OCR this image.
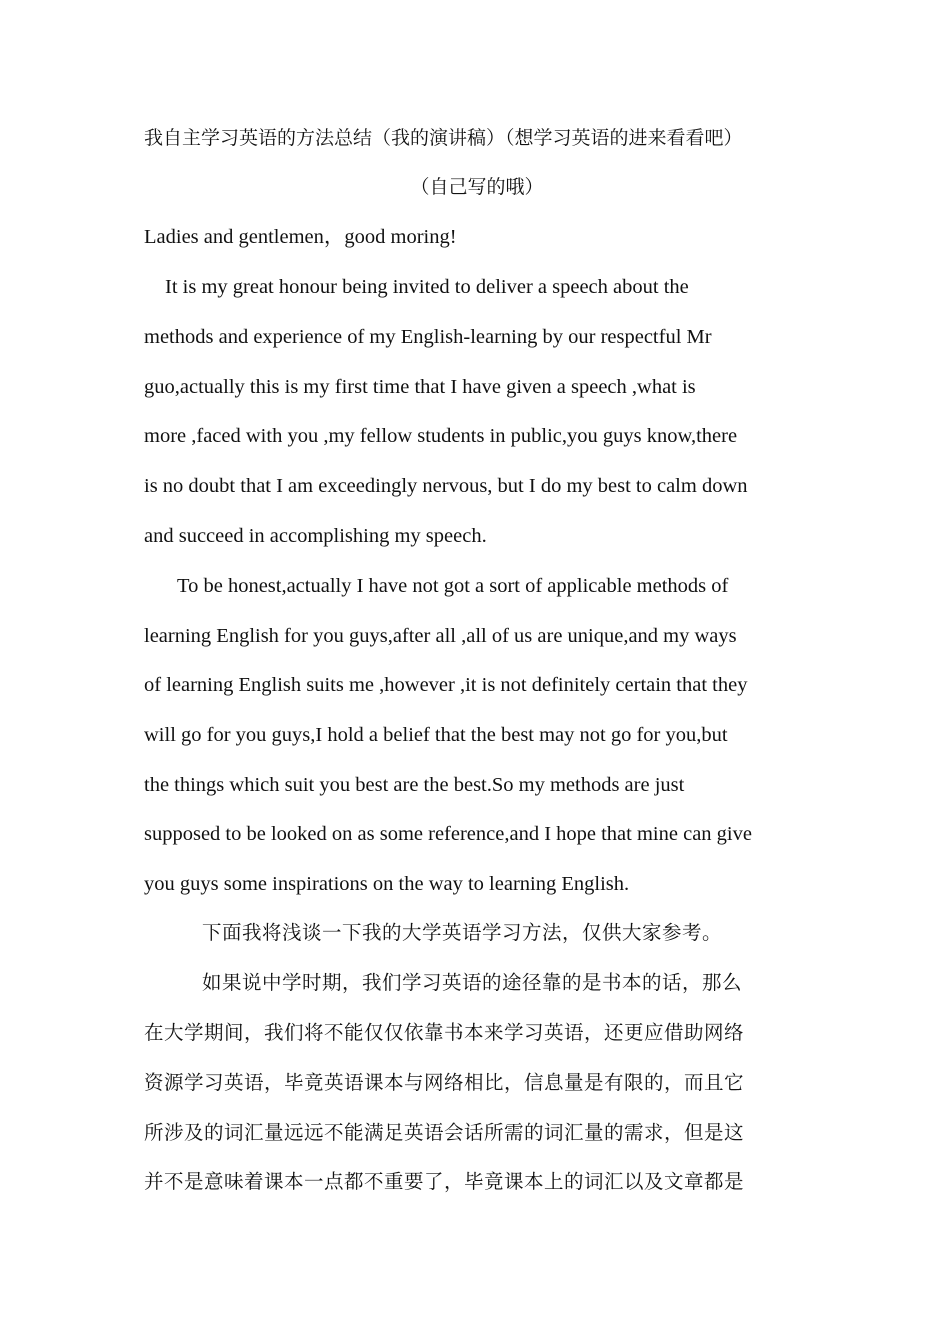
我自主学习英语的方法总结（我的演讲稿）（想学习英语的进来看看吧）
（自己写的哦）
Ladies and gentlemen，good moring!
It is my great honour being invited to deliver a speech about the
methods and experience of my English-learning by our respectful Mr
guo,actually this is my first time that I have given a speech ,what is
more ,faced with you ,my fellow students in public,you guys know,there
is no doubt that I am exceedingly nervous, but I do my best to calm down
and succeed in accomplishing my speech.
To be honest,actually I have not got a sort of applicable methods of
learning English for you guys,after all ,all of us are unique,and my ways
of learning English suits me ,however ,it is not definitely certain that they
will go for you guys,I hold a belief that the best may not go for you,but
the things which suit you best are the best.So my methods are just
supposed to be looked on as some reference,and I hope that mine can give
you guys some inspirations on the way to learning English.
下面我将浅谈一下我的大学英语学习方法，仅供大家参考。
如果说中学时期，我们学习英语的途径靠的是书本的话，那么
在大学期间，我们将不能仅仅依靠书本来学习英语，还更应借助网络
资源学习英语，毕竟英语课本与网络相比，信息量是有限的，而且它
所涉及的词汇量远远不能满足英语会话所需的词汇量的需求，但是这
并不是意味着课本一点都不重要了，毕竟课本上的词汇以及文章都是
